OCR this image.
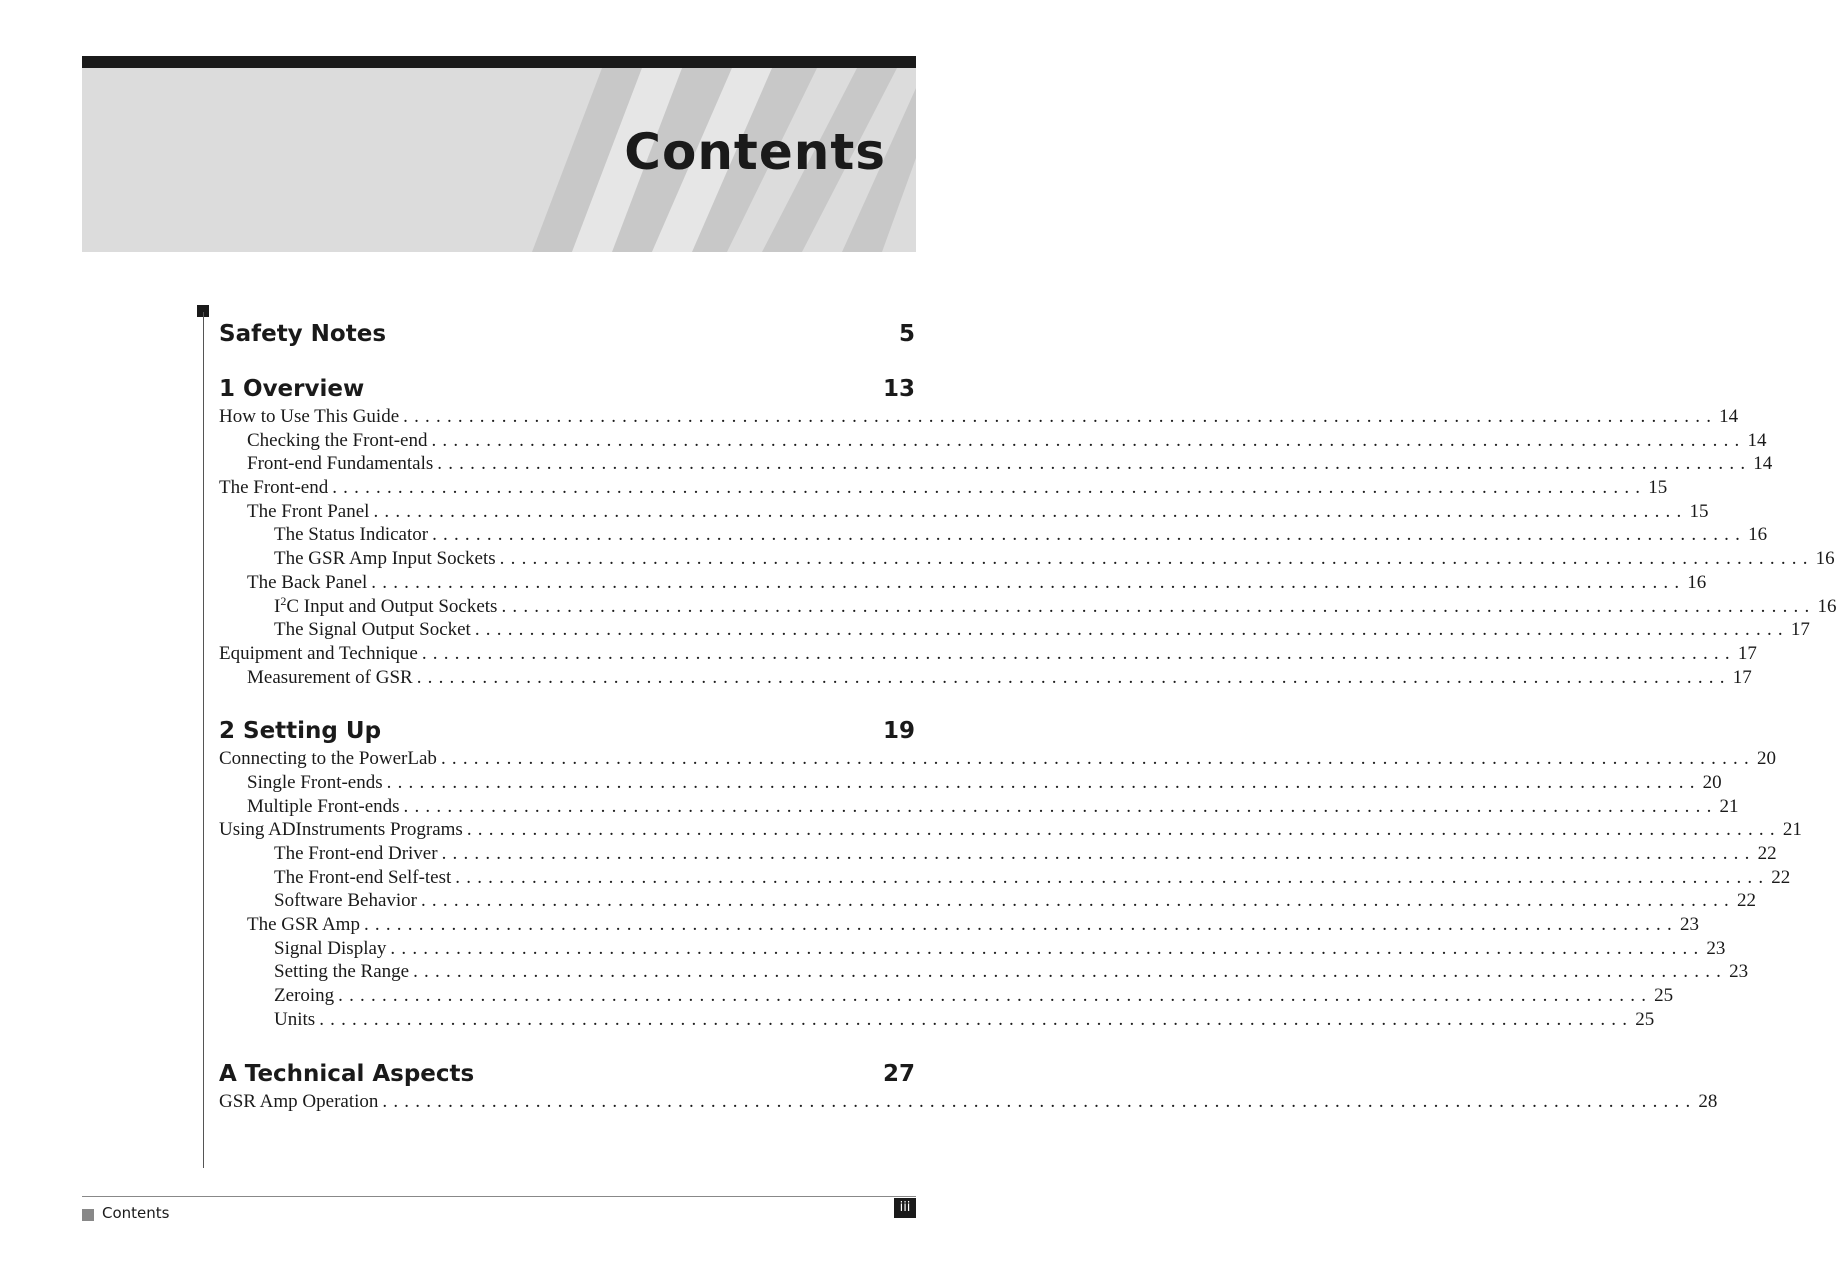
Contents
Safety Notes	5
1 Overview	13
How to Use This Guide ........................................................................................................................ 14
Checking the Front-end ........................................................................................................................ 14
Front-end Fundamentals ........................................................................................................................ 14
The Front-end ........................................................................................................................ 15
The Front Panel ........................................................................................................................ 15
The Status Indicator ........................................................................................................................ 16
The GSR Amp Input Sockets ........................................................................................................................ 16
The Back Panel ........................................................................................................................ 16
$I^2C$ Input and Output Sockets ........................................................................................................................ 16
The Signal Output Socket ........................................................................................................................ 17
Equipment and Technique ........................................................................................................................ 17
Measurement of GSR ........................................................................................................................ 17
2 Setting Up	19
Connecting to the PowerLab ........................................................................................................................ 20
Single Front-ends ........................................................................................................................ 20
Multiple Front-ends ........................................................................................................................ 21
Using ADInstruments Programs ........................................................................................................................ 21
The Front-end Driver ........................................................................................................................ 22
The Front-end Self-test ........................................................................................................................ 22
Software Behavior ........................................................................................................................ 22
The GSR Amp ........................................................................................................................ 23
Signal Display ........................................................................................................................ 23
Setting the Range ........................................................................................................................ 23
Zeroing ........................................................................................................................ 25
Units ........................................................................................................................ 25
A Technical Aspects	27
GSR Amp Operation ........................................................................................................................ 28
Contents	iii
